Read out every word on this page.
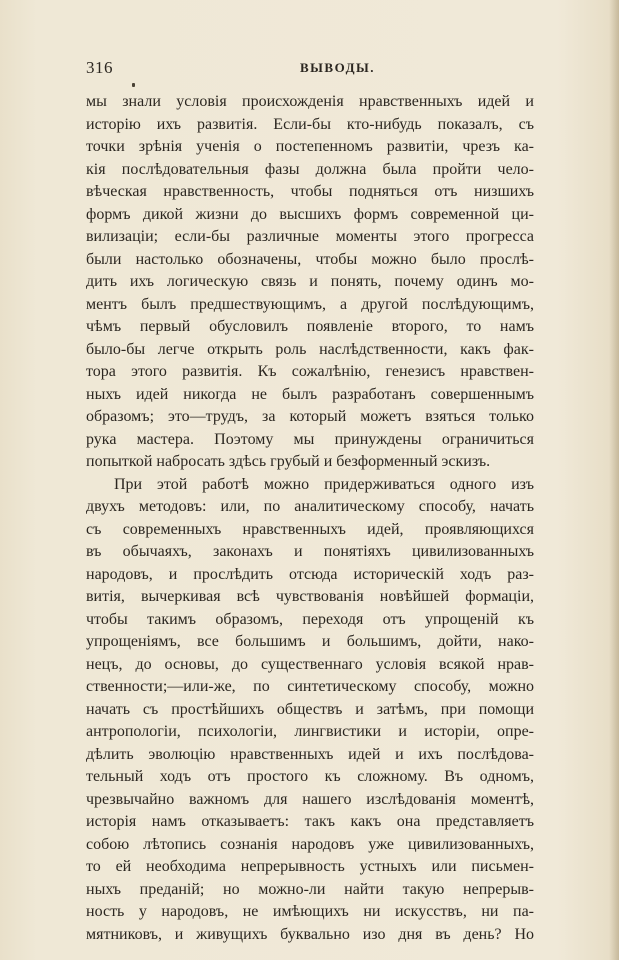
316	ВЫВОДЫ.
мы знали условія происхожденія нравственныхъ идей и
исторію ихъ развитія. Если-бы кто-нибудь показалъ, съ
точки зрѣнія ученія о постепенномъ развитіи, чрезъ ка-
кія послѣдовательныя фазы должна была пройти чело-
вѣческая нравственность, чтобы подняться отъ низшихъ
формъ дикой жизни до высшихъ формъ современной ци-
вилизаціи; если-бы различные моменты этого прогресса
были настолько обозначены, чтобы можно было прослѣ-
дить ихъ логическую связь и понять, почему одинъ мо-
ментъ былъ предшествующимъ, а другой послѣдующимъ,
чѣмъ первый обусловилъ появленіе второго, то намъ
было-бы легче открыть роль наслѣдственности, какъ фак-
тора этого развитія. Къ сожалѣнію, генезисъ нравствен-
ныхъ идей никогда не былъ разработанъ совершеннымъ
образомъ; это—трудъ, за который можетъ взяться только
рука мастера. Поэтому мы принуждены ограничиться
попыткой набросать здѣсь грубый и безформенный эскизъ.
При этой работѣ можно придерживаться одного изъ
двухъ методовъ: или, по аналитическому способу, начать
съ современныхъ нравственныхъ идей, проявляющихся
въ обычаяхъ, законахъ и понятіяхъ цивилизованныхъ
народовъ, и прослѣдить отсюда историческій ходъ раз-
витія, вычеркивая всѣ чувствованія новѣйшей формаціи,
чтобы такимъ образомъ, переходя отъ упрощеній къ
упрощеніямъ, все большимъ и большимъ, дойти, нако-
нецъ, до основы, до существеннаго условія всякой нрав-
ственности;—или-же, по синтетическому способу, можно
начать съ простѣйшихъ обществъ и затѣмъ, при помощи
антропологіи, психологіи, лингвистики и исторіи, опре-
дѣлить эволюцію нравственныхъ идей и ихъ послѣдова-
тельный ходъ отъ простого къ сложному. Въ одномъ,
чрезвычайно важномъ для нашего изслѣдованія моментѣ,
исторія намъ отказываетъ: такъ какъ она представляетъ
собою лѣтопись сознанія народовъ уже цивилизованныхъ,
то ей необходима непрерывность устныхъ или письмен-
ныхъ преданій; но можно-ли найти такую непрерыв-
ность у народовъ, не имѣющихъ ни искусствъ, ни па-
мятниковъ, и живущихъ буквально изо дня въ день? Но
